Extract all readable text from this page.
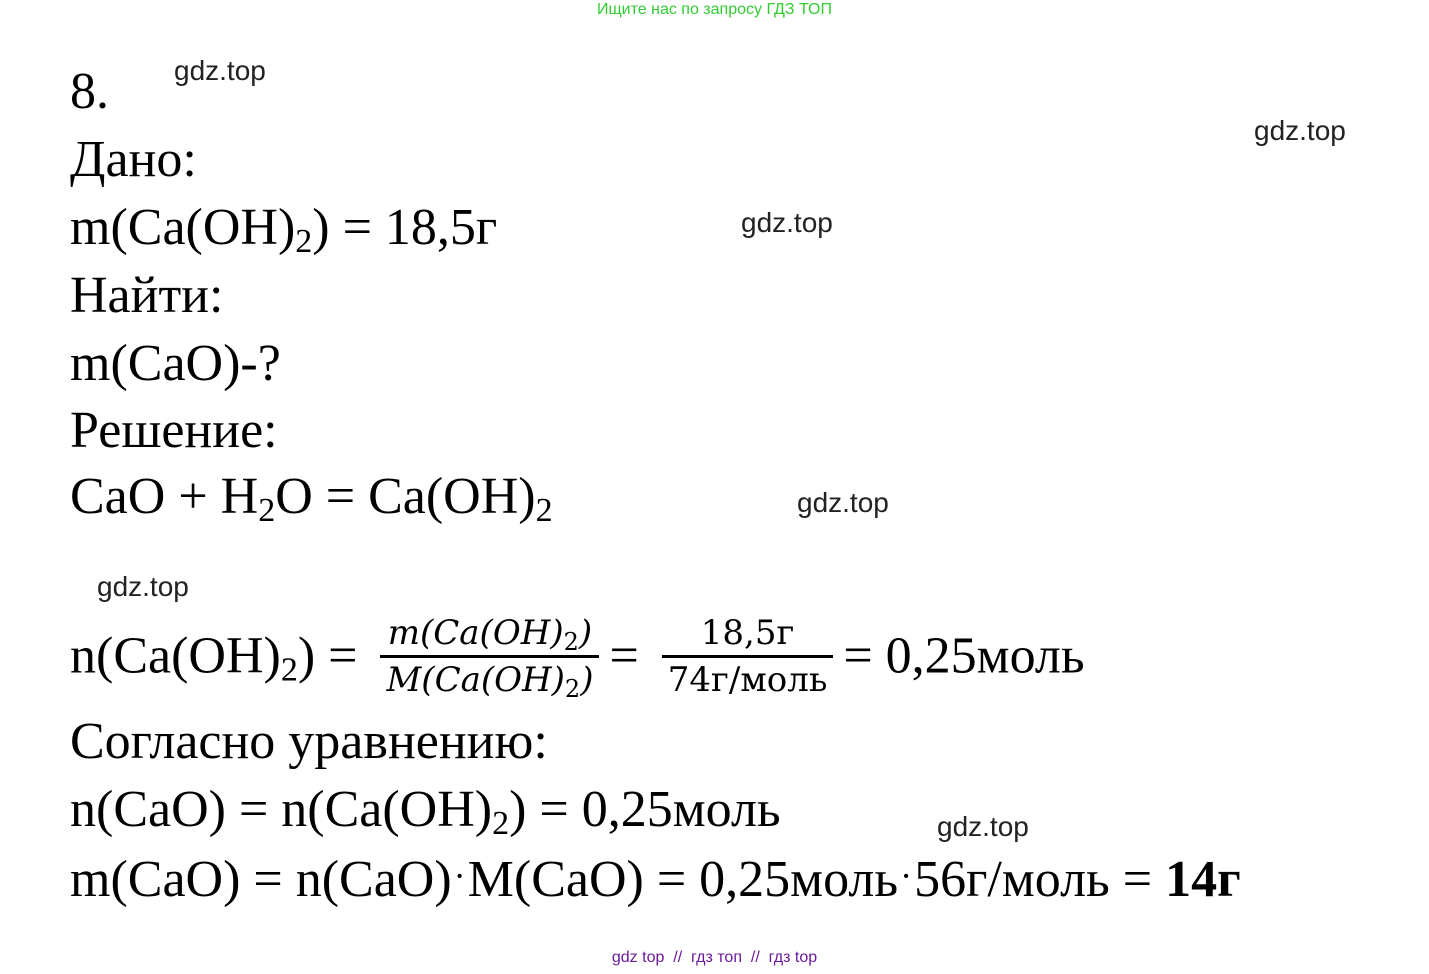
Ищите нас по запросу ГДЗ ТОП
gdz.top
gdz.top
gdz.top
gdz.top
gdz.top
gdz.top
8.
Дано:
$m(Ca(OH)_2) = 18,5г$
Найти:
m(CaO)-?
Решение:
CaO + $H_2O = Ca(OH)_2$
$n(Ca(OH)_2) = \frac{m(Ca(OH)_2)}{M(Ca(OH)_2)} = \frac{18,5г}{\text{74г/моль}}$ = 0,25моль
Согласно уравнению:
$n(CaO) = n(Ca(OH)_2)$ = 0,25моль
m(CaO) = n(CaO)·M(CaO) = 0,25моль·56г/моль = 14г
gdz top  //  гдз топ  //  гдз top
